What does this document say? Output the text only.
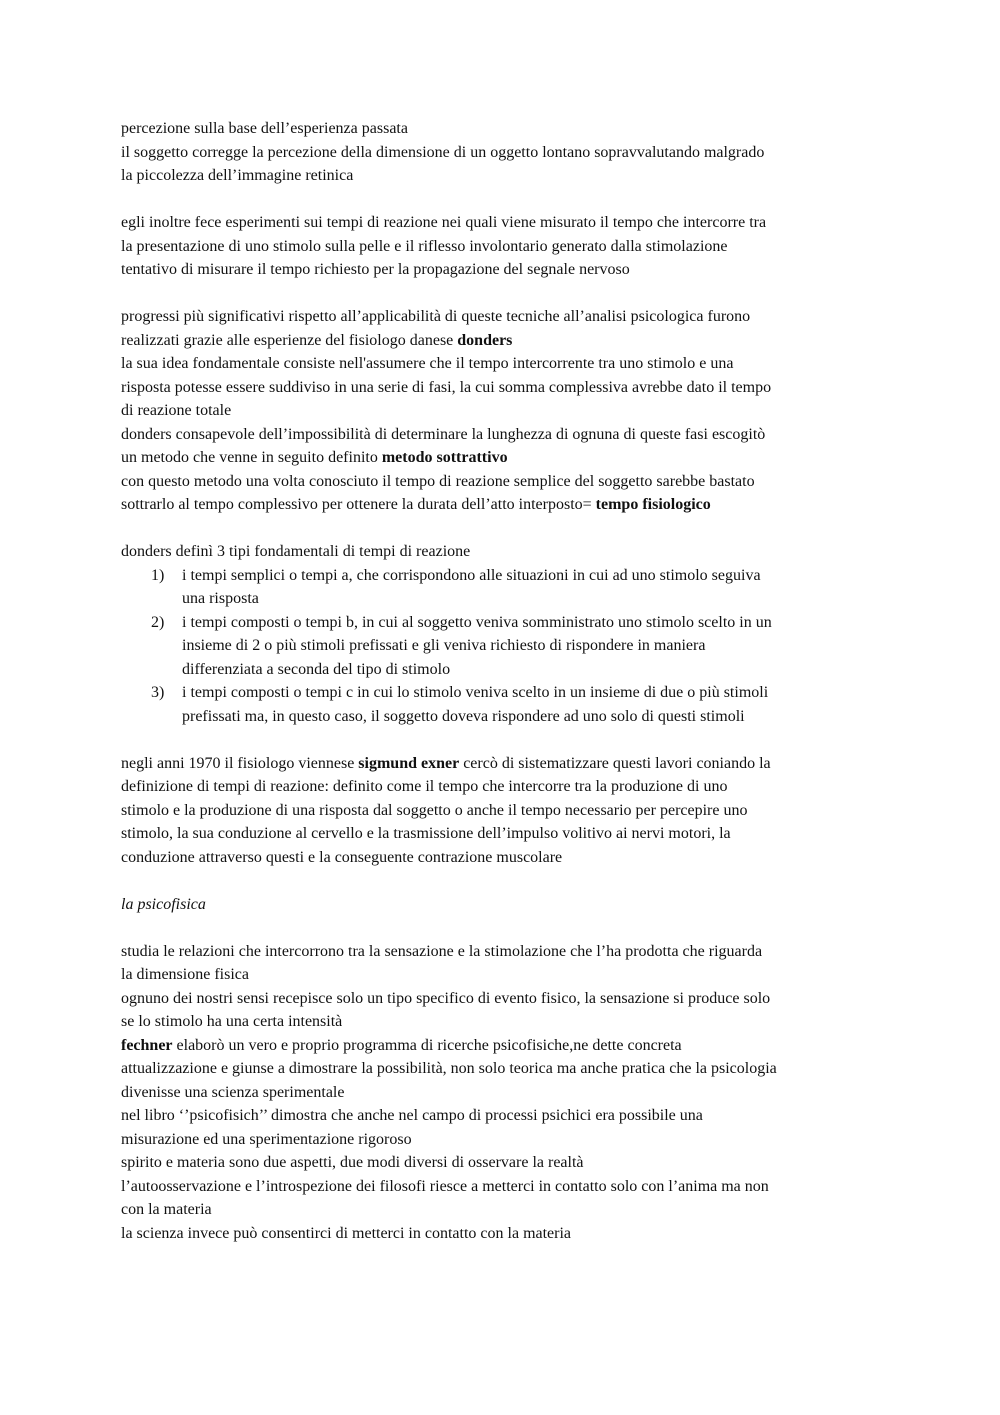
percezione sulla base dell’esperienza passata
il soggetto corregge la percezione della dimensione di un oggetto lontano sopravvalutando malgrado
la piccolezza dell’immagine retinica

egli inoltre fece esperimenti sui tempi di reazione nei quali viene misurato il tempo che intercorre tra
la presentazione di uno stimolo sulla pelle e il riflesso involontario generato dalla stimolazione
tentativo di misurare il tempo richiesto per la propagazione del segnale nervoso

progressi più significativi rispetto all’applicabilità di queste tecniche all’analisi psicologica furono
realizzati grazie alle esperienze del fisiologo danese donders
la sua idea fondamentale consiste nell'assumere che il tempo intercorrente tra uno stimolo e una
risposta potesse essere suddiviso in una serie di fasi, la cui somma complessiva avrebbe dato il tempo
di reazione totale
donders consapevole dell’impossibilità di determinare la lunghezza di ognuna di queste fasi escogitò
un metodo che venne in seguito definito metodo sottrattivo
con questo metodo una volta conosciuto il tempo di reazione semplice del soggetto sarebbe bastato
sottrarlo al tempo complessivo per ottenere la durata dell’atto interposto= tempo fisiologico

donders definì 3 tipi fondamentali di tempi di reazione

1) i tempi semplici o tempi a, che corrispondono alle situazioni in cui ad uno stimolo seguiva
una risposta
2) i tempi composti o tempi b, in cui al soggetto veniva somministrato uno stimolo scelto in un
insieme di 2 o più stimoli prefissati e gli veniva richiesto di rispondere in maniera
differenziata a seconda del tipo di stimolo
3) i tempi composti o tempi c in cui lo stimolo veniva scelto in un insieme di due o più stimoli
prefissati ma, in questo caso, il soggetto doveva rispondere ad uno solo di questi stimoli

negli anni 1970 il fisiologo viennese sigmund exner cercò di sistematizzare questi lavori coniando la
definizione di tempi di reazione: definito come il tempo che intercorre tra la produzione di uno
stimolo e la produzione di una risposta dal soggetto o anche il tempo necessario per percepire uno
stimolo, la sua conduzione al cervello e la trasmissione dell’impulso volitivo ai nervi motori, la
conduzione attraverso questi e la conseguente contrazione muscolare

la psicofisica

studia le relazioni che intercorrono tra la sensazione e la stimolazione che l’ha prodotta che riguarda
la dimensione fisica
ognuno dei nostri sensi recepisce solo un tipo specifico di evento fisico, la sensazione si produce solo
se lo stimolo ha una certa intensità
fechner elaborò un vero e proprio programma di ricerche psicofisiche,ne dette concreta
attualizzazione e giunse a dimostrare la possibilità, non solo teorica ma anche pratica che la psicologia
divenisse una scienza sperimentale
nel libro ‘’psicofisich’’ dimostra che anche nel campo di processi psichici era possibile una
misurazione ed una sperimentazione rigoroso
spirito e materia sono due aspetti, due modi diversi di osservare la realtà
l’autoosservazione e l’introspezione dei filosofi riesce a metterci in contatto solo con l’anima ma non
con la materia
la scienza invece può consentirci di metterci in contatto con la materia
